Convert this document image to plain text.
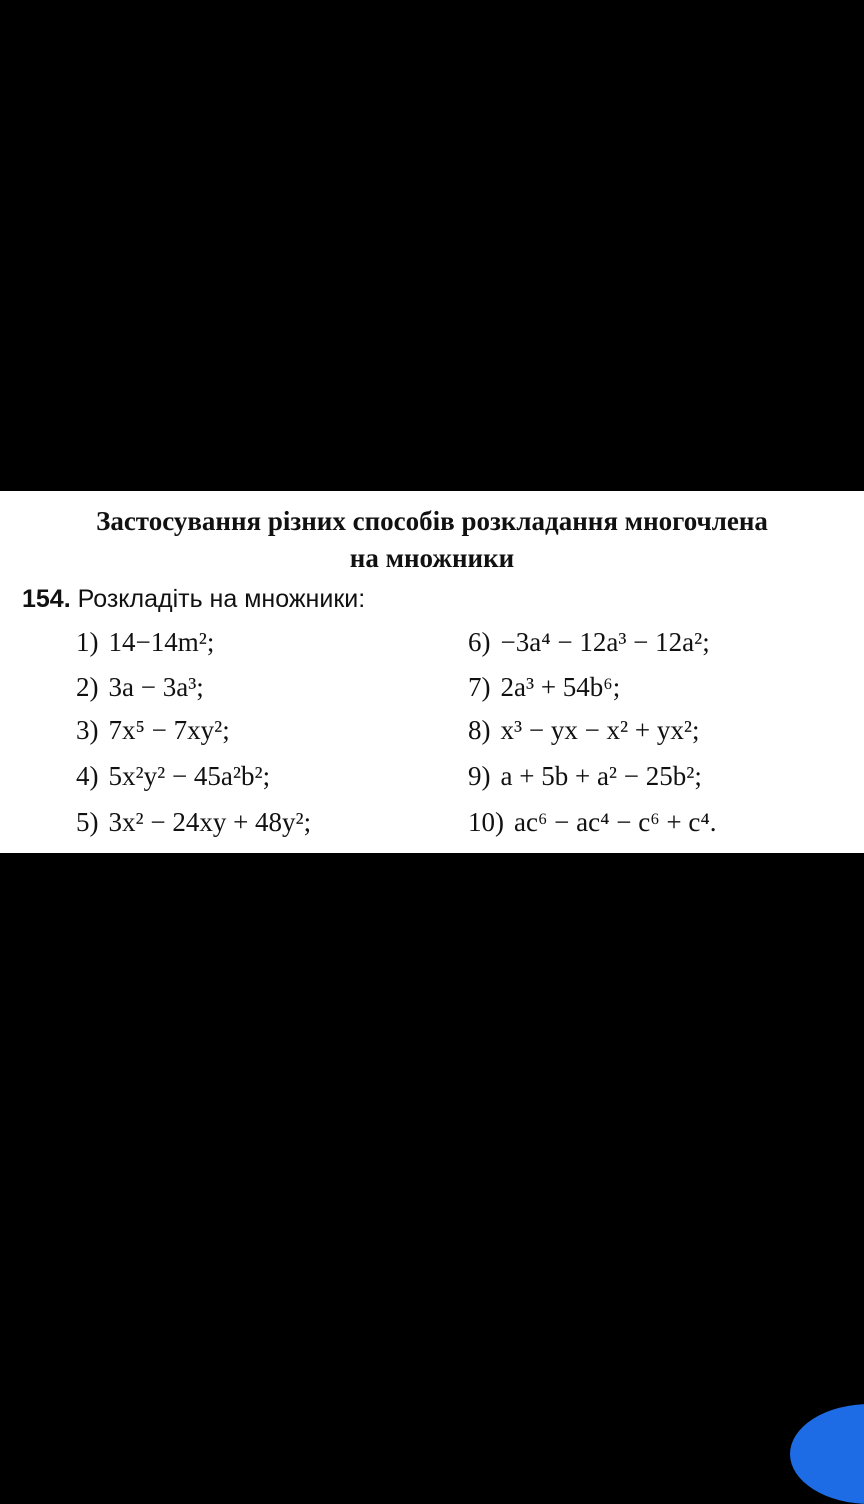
Застосування різних способів розкладання многочлена
на множники
154. Розкладіть на множники:
1) 14−14m²;
2) 3a − 3a³;
3) 7x⁵ − 7xy²;
4) 5x²y² − 45a²b²;
5) 3x² − 24xy + 48y²;
6) −3a⁴ − 12a³ − 12a²;
7) 2a³ + 54b⁶;
8) x³ − yx − x² + yx²;
9) a + 5b + a² − 25b²;
10) ac⁶ − ac⁴ − c⁶ + c⁴.
